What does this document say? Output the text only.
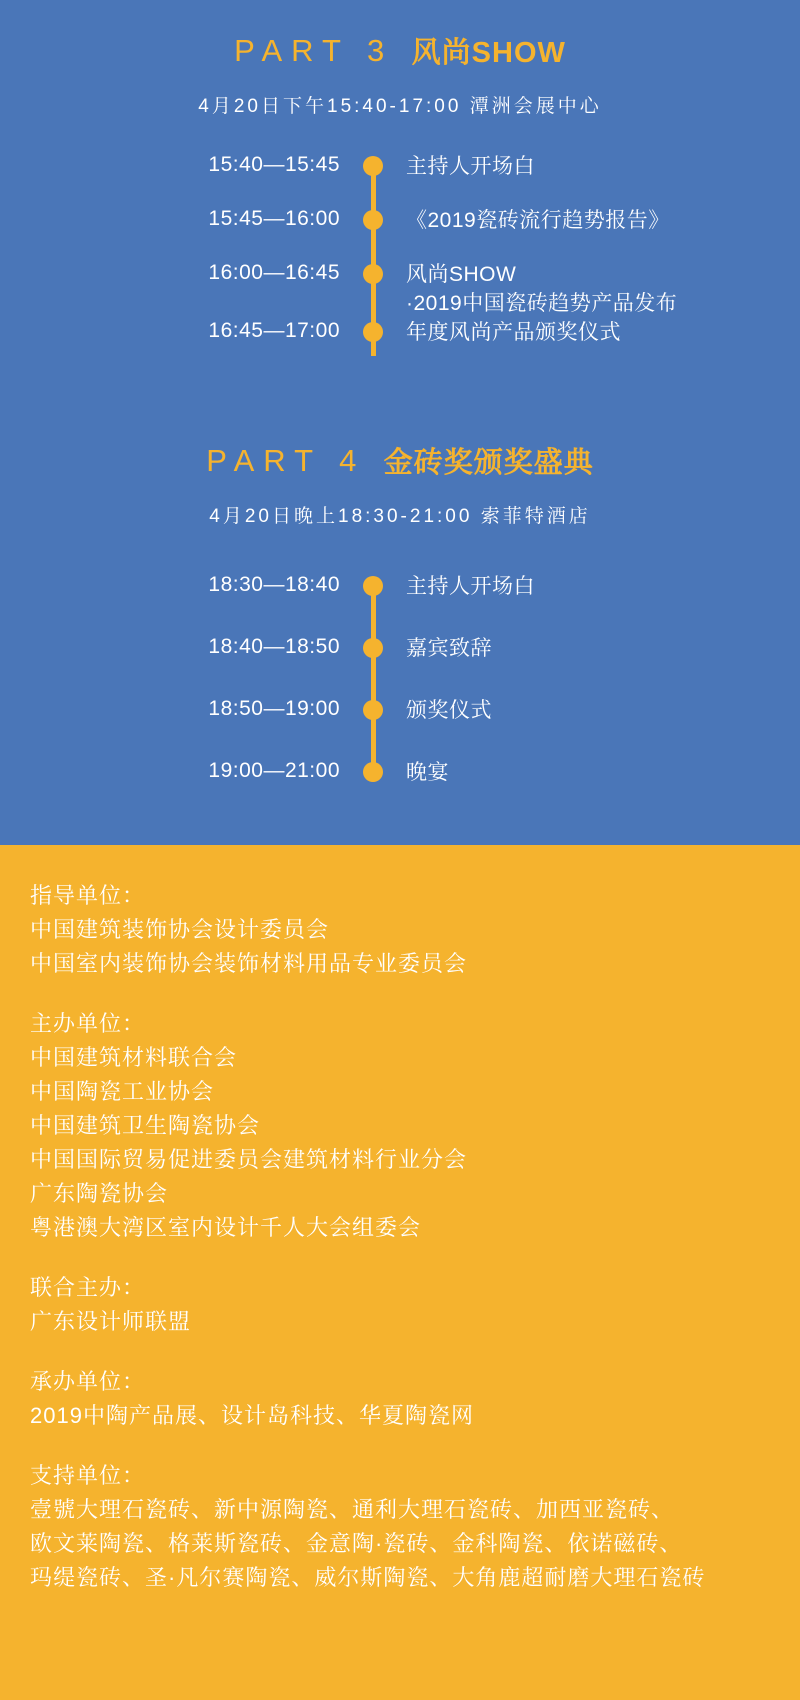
PART 3 风尚SHOW
4月20日下午15:40-17:00 潭洲会展中心
15:40—15:45	主持人开场白
15:45—16:00	《2019瓷砖流行趋势报告》
16:00—16:45	风尚SHOW
·2019中国瓷砖趋势产品发布
16:45—17:00	年度风尚产品颁奖仪式
PART 4 金砖奖颁奖盛典
4月20日晚上18:30-21:00 索菲特酒店
18:30—18:40	主持人开场白
18:40—18:50	嘉宾致辞
18:50—19:00	颁奖仪式
19:00—21:00	晚宴
指导单位：
中国建筑装饰协会设计委员会
中国室内装饰协会装饰材料用品专业委员会
主办单位：
中国建筑材料联合会
中国陶瓷工业协会
中国建筑卫生陶瓷协会
中国国际贸易促进委员会建筑材料行业分会
广东陶瓷协会
粤港澳大湾区室内设计千人大会组委会
联合主办：
广东设计师联盟
承办单位：
2019中陶产品展、设计岛科技、华夏陶瓷网
支持单位：
壹號大理石瓷砖、新中源陶瓷、通利大理石瓷砖、加西亚瓷砖、
欧文莱陶瓷、格莱斯瓷砖、金意陶·瓷砖、金科陶瓷、依诺磁砖、
玛缇瓷砖、圣·凡尔赛陶瓷、威尔斯陶瓷、大角鹿超耐磨大理石瓷砖
